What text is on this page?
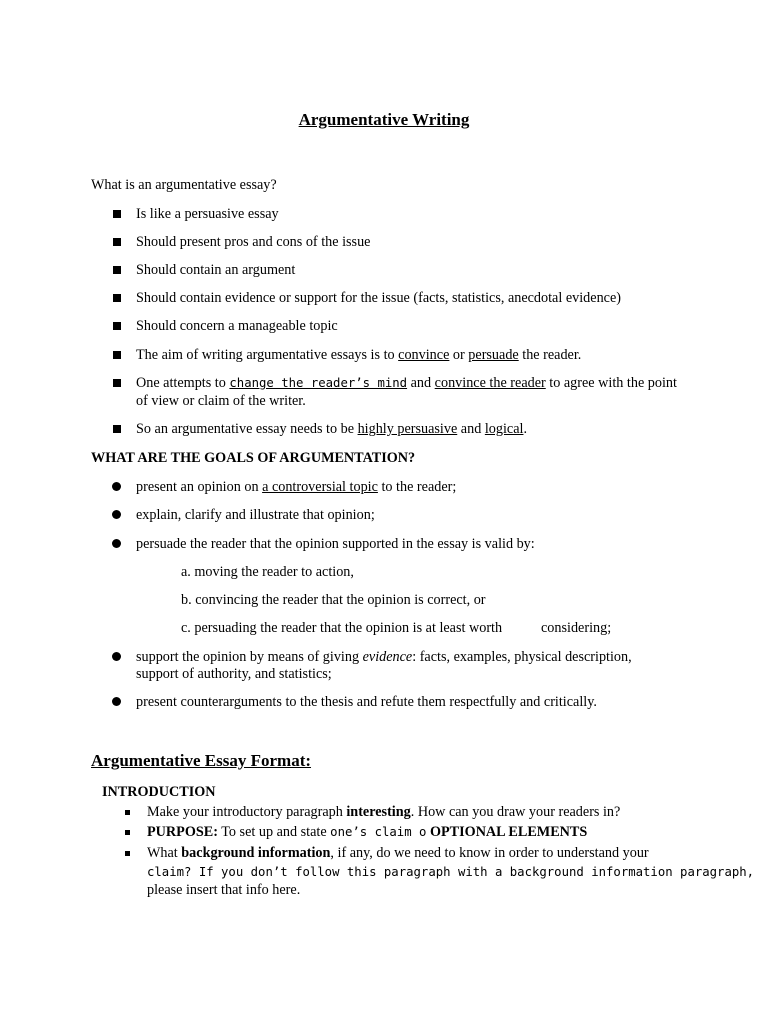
Argumentative Writing
What is an argumentative essay?
Is like a persuasive essay
Should present pros and cons of the issue
Should contain an argument
Should contain evidence or support for the issue (facts, statistics, anecdotal evidence)
Should concern a manageable topic
The aim of writing argumentative essays is to convince or persuade the reader.
One attempts to change the reader’s mind and convince the reader to agree with the point
of view or claim of the writer.
So an argumentative essay needs to be highly persuasive and logical.
WHAT ARE THE GOALS OF ARGUMENTATION?
present an opinion on a controversial topic to the reader;
explain, clarify and illustrate that opinion;
persuade the reader that the opinion supported in the essay is valid by:
a. moving the reader to action,
b. convincing the reader that the opinion is correct, or
c. persuading the reader that the opinion is at least worth	considering;
support the opinion by means of giving evidence: facts, examples, physical description,
support of authority, and statistics;
present counterarguments to the thesis and refute them respectfully and critically.
Argumentative Essay Format:
INTRODUCTION
Make your introductory paragraph interesting. How can you draw your readers in?
PURPOSE: To set up and state one’s claim o OPTIONAL ELEMENTS
What background information, if any, do we need to know in order to understand your
claim? If you don’t follow this paragraph with a background information paragraph,
please insert that info here.
